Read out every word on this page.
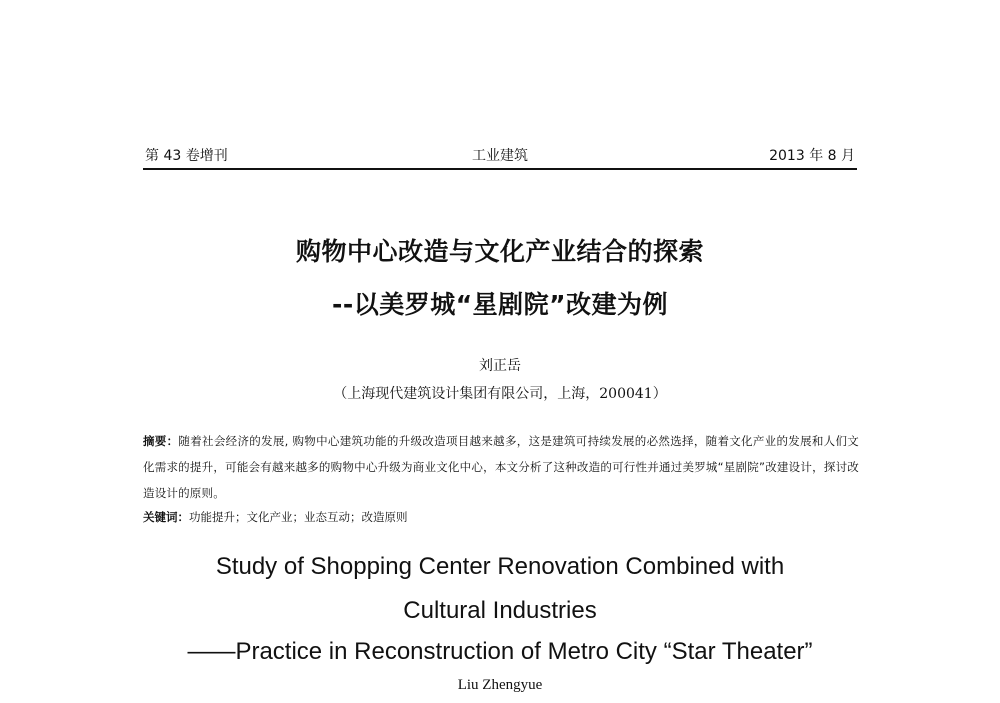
第 43 卷增刊	工业建筑	2013 年 8 月
购物中心改造与文化产业结合的探索
--以美罗城“星剧院”改建为例
刘正岳
（上海现代建筑设计集团有限公司，上海，200041）
摘要：随着社会经济的发展, 购物中心建筑功能的升级改造项目越来越多，这是建筑可持续发展的必然选择，随着文化产业的发展和人们文化需求的提升，可能会有越来越多的购物中心升级为商业文化中心，本文分析了这种改造的可行性并通过美罗城“星剧院”改建设计，探讨改造设计的原则。
关键词：功能提升；文化产业；业态互动；改造原则
Study of Shopping Center Renovation Combined with
Cultural Industries
——Practice in Reconstruction of Metro City “Star Theater”
Liu Zhengyue
